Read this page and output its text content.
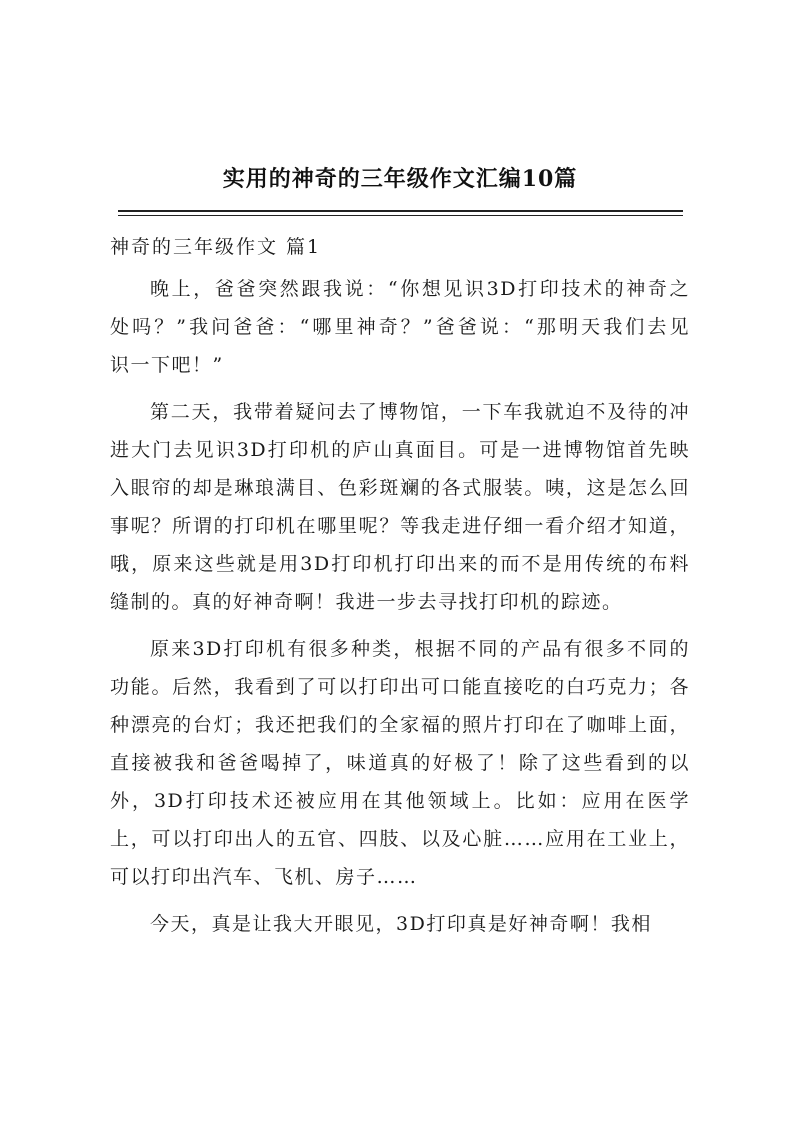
实用的神奇的三年级作文汇编10篇
神奇的三年级作文 篇1
晚上，爸爸突然跟我说：“你想见识3D打印技术的神奇之
处吗？”我问爸爸：“哪里神奇？”爸爸说：“那明天我们去见
识一下吧！”
第二天，我带着疑问去了博物馆，一下车我就迫不及待的冲
进大门去见识3D打印机的庐山真面目。可是一进博物馆首先映
入眼帘的却是琳琅满目、色彩斑斓的各式服装。咦，这是怎么回
事呢？所谓的打印机在哪里呢？等我走进仔细一看介绍才知道，
哦，原来这些就是用3D打印机打印出来的而不是用传统的布料
缝制的。真的好神奇啊！我进一步去寻找打印机的踪迹。
原来3D打印机有很多种类，根据不同的产品有很多不同的
功能。后然，我看到了可以打印出可口能直接吃的白巧克力；各
种漂亮的台灯；我还把我们的全家福的照片打印在了咖啡上面，
直接被我和爸爸喝掉了，味道真的好极了！除了这些看到的以
外，3D打印技术还被应用在其他领域上。比如：应用在医学
上，可以打印出人的五官、四肢、以及心脏……应用在工业上，
可以打印出汽车、飞机、房子……
今天，真是让我大开眼见，3D打印真是好神奇啊！我相
